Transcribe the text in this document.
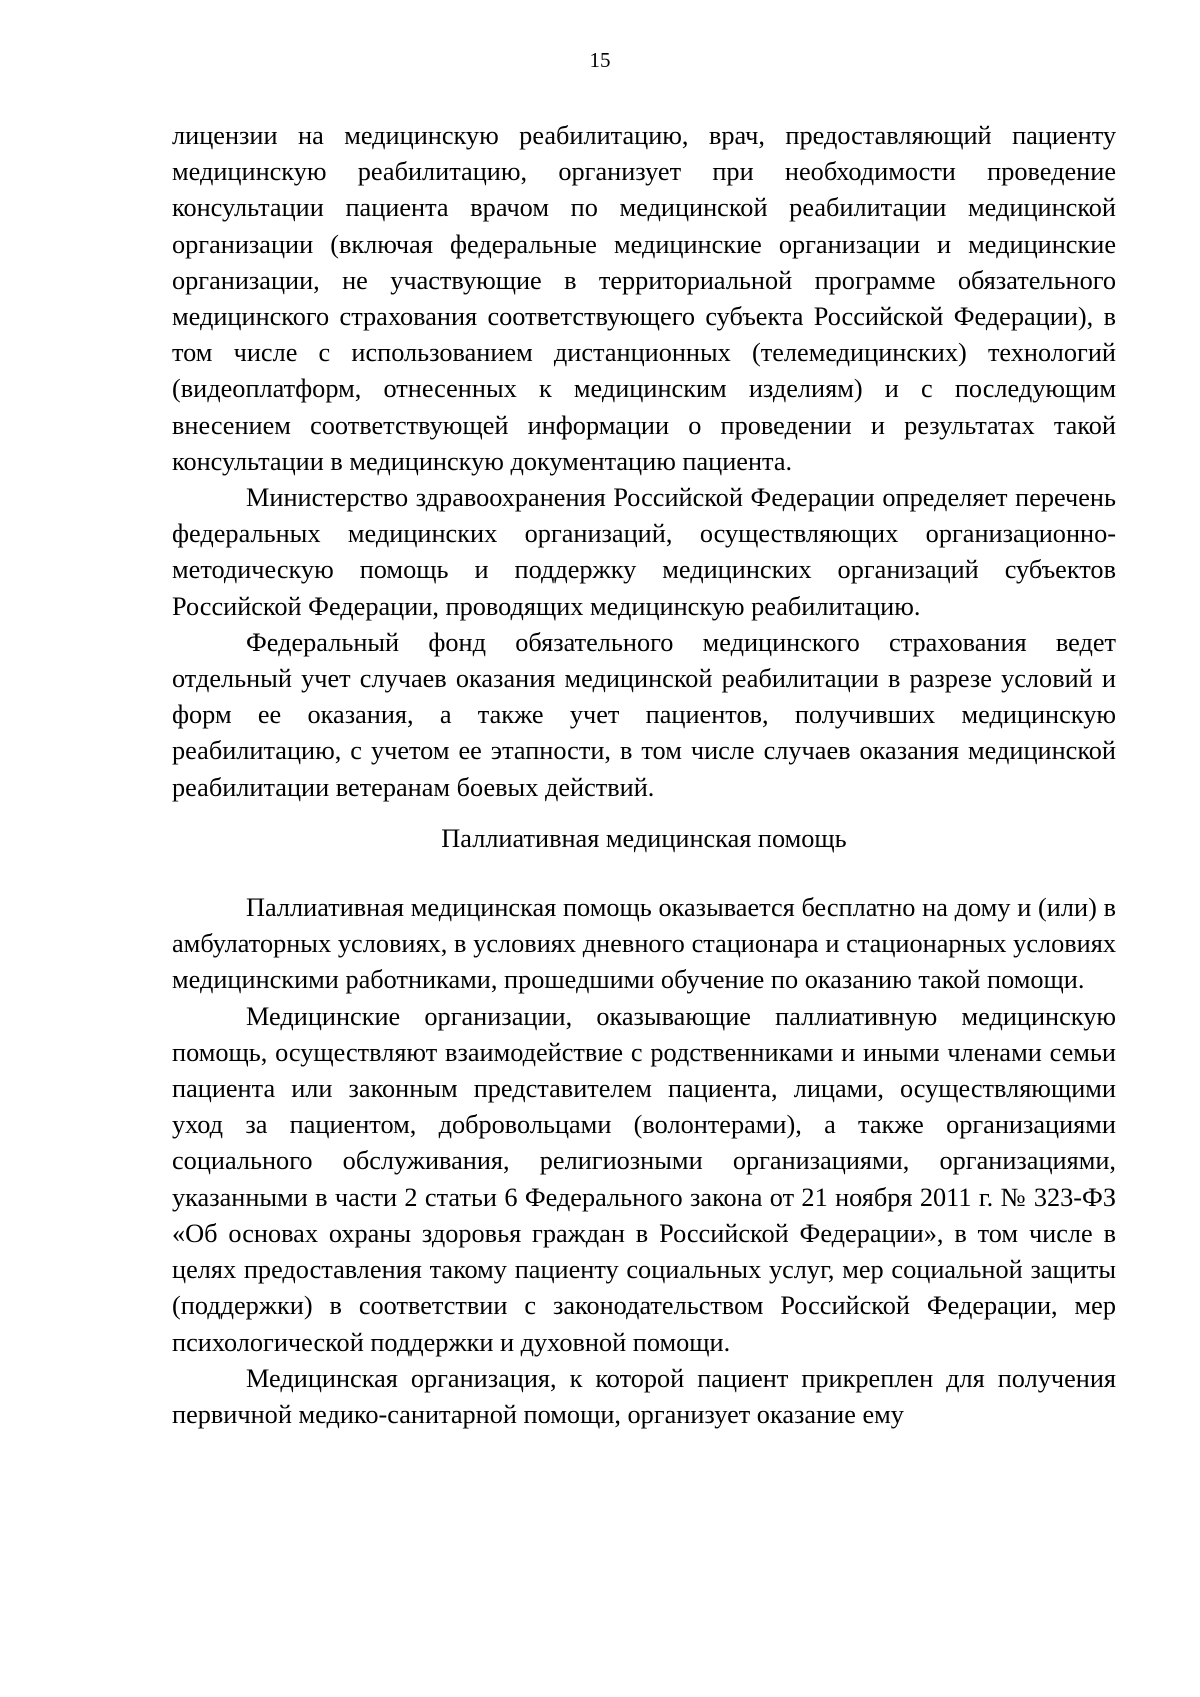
15

лицензии на медицинскую реабилитацию, врач, предоставляющий пациенту медицинскую реабилитацию, организует при необходимости проведение консультации пациента врачом по медицинской реабилитации медицинской организации (включая федеральные медицинские организации и медицинские организации, не участвующие в территориальной программе обязательного медицинского страхования соответствующего субъекта Российской Федерации), в том числе с использованием дистанционных (телемедицинских) технологий (видеоплатформ, отнесенных к медицинским изделиям) и с последующим внесением соответствующей информации о проведении и результатах такой консультации в медицинскую документацию пациента.

Министерство здравоохранения Российской Федерации определяет перечень федеральных медицинских организаций, осуществляющих организационно-методическую помощь и поддержку медицинских организаций субъектов Российской Федерации, проводящих медицинскую реабилитацию.

Федеральный фонд обязательного медицинского страхования ведет отдельный учет случаев оказания медицинской реабилитации в разрезе условий и форм ее оказания, а также учет пациентов, получивших медицинскую реабилитацию, с учетом ее этапности, в том числе случаев оказания медицинской реабилитации ветеранам боевых действий.

Паллиативная медицинская помощь

Паллиативная медицинская помощь оказывается бесплатно на дому и (или) в амбулаторных условиях, в условиях дневного стационара и стационарных условиях медицинскими работниками, прошедшими обучение по оказанию такой помощи.

Медицинские организации, оказывающие паллиативную медицинскую помощь, осуществляют взаимодействие с родственниками и иными членами семьи пациента или законным представителем пациента, лицами, осуществляющими уход за пациентом, добровольцами (волонтерами), а также организациями социального обслуживания, религиозными организациями, организациями, указанными в части 2 статьи 6 Федерального закона от 21 ноября 2011 г. № 323-ФЗ «Об основах охраны здоровья граждан в Российской Федерации», в том числе в целях предоставления такому пациенту социальных услуг, мер социальной защиты (поддержки) в соответствии с законодательством Российской Федерации, мер психологической поддержки и духовной помощи.

Медицинская организация, к которой пациент прикреплен для получения первичной медико-санитарной помощи, организует оказание ему
